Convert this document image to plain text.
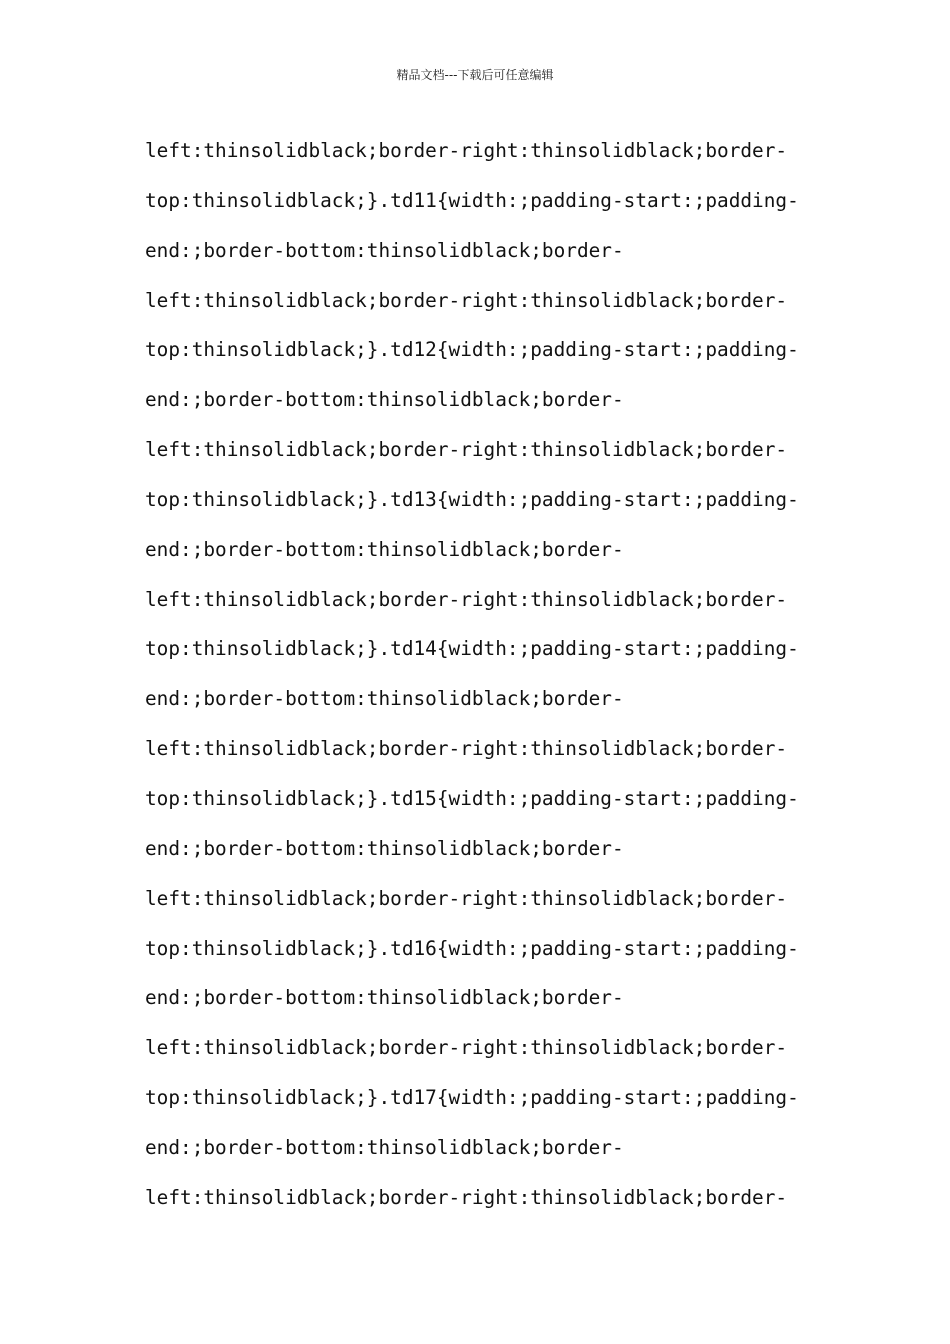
精品文档---下载后可任意编辑
left:thinsolidblack;border-right:thinsolidblack;border-
top:thinsolidblack;}.td11{width:;padding-start:;padding-
end:;border-bottom:thinsolidblack;border-
left:thinsolidblack;border-right:thinsolidblack;border-
top:thinsolidblack;}.td12{width:;padding-start:;padding-
end:;border-bottom:thinsolidblack;border-
left:thinsolidblack;border-right:thinsolidblack;border-
top:thinsolidblack;}.td13{width:;padding-start:;padding-
end:;border-bottom:thinsolidblack;border-
left:thinsolidblack;border-right:thinsolidblack;border-
top:thinsolidblack;}.td14{width:;padding-start:;padding-
end:;border-bottom:thinsolidblack;border-
left:thinsolidblack;border-right:thinsolidblack;border-
top:thinsolidblack;}.td15{width:;padding-start:;padding-
end:;border-bottom:thinsolidblack;border-
left:thinsolidblack;border-right:thinsolidblack;border-
top:thinsolidblack;}.td16{width:;padding-start:;padding-
end:;border-bottom:thinsolidblack;border-
left:thinsolidblack;border-right:thinsolidblack;border-
top:thinsolidblack;}.td17{width:;padding-start:;padding-
end:;border-bottom:thinsolidblack;border-
left:thinsolidblack;border-right:thinsolidblack;border-
